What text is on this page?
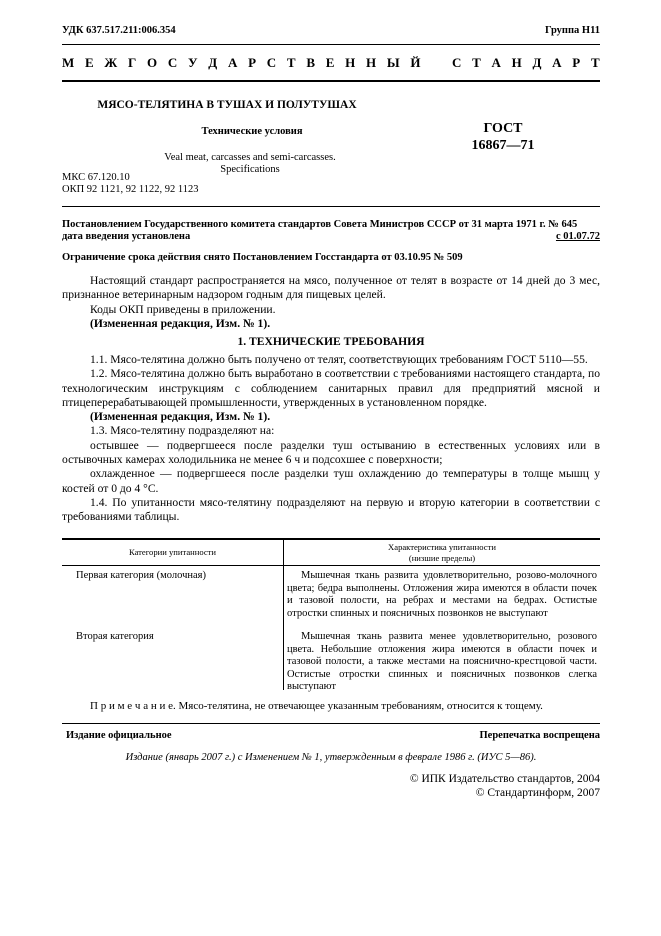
УДК 637.517.211:006.354	Группа Н11
М Е Ж Г О С У Д А Р С Т В Е Н Н Ы Й С Т А Н Д А Р Т
МЯСО-ТЕЛЯТИНА В ТУШАХ И ПОЛУТУШАХ
Технические условия
Veal meat, carcasses and semi-carcasses.
Specifications
ГОСТ
16867—71
МКС 67.120.10
ОКП 92 1121, 92 1122, 92 1123
Постановлением Государственного комитета стандартов Совета Министров СССР от 31 марта 1971 г. № 645
дата введения установлена	с 01.07.72
Ограничение срока действия снято Постановлением Госстандарта от 03.10.95 № 509

Настоящий стандарт распространяется на мясо, полученное от телят в возрасте от 14 дней до 3 мес, признанное ветеринарным надзором годным для пищевых целей.

Коды ОКП приведены в приложении.

(Измененная редакция, Изм. № 1).

1. ТЕХНИЧЕСКИЕ ТРЕБОВАНИЯ

1.1. Мясо-телятина должно быть получено от телят, соответствующих требованиям ГОСТ 5110—55.

1.2. Мясо-телятина должно быть выработано в соответствии с требованиями настоящего стандарта, по технологическим инструкциям с соблюдением санитарных правил для предприятий мясной и птицеперерабатывающей промышленности, утвержденных в установленном порядке.

(Измененная редакция, Изм. № 1).

1.3. Мясо-телятину подразделяют на:

остывшее — подвергшееся после разделки туш остыванию в естественных условиях или в остывочных камерах холодильника не менее 6 ч и подсохшее с поверхности;

охлажденное — подвергшееся после разделки туш охлаждению до температуры в толще мышц у костей от 0 до 4 °С.

1.4. По упитанности мясо-телятину подразделяют на первую и вторую категории в соответствии с требованиями таблицы.

Категории упитанности	Характеристика упитанности
(низшие пределы)
Первая категория (молочная)	Мышечная ткань развита удовлетворительно, розово-молочного цвета; бедра выполнены. Отложения жира имеются в области почек и тазовой полости, на ребрах и местами на бедрах. Остистые отростки спинных и поясничных позвонков не выступают

Вторая категория	Мышечная ткань развита менее удовлетворительно, розового цвета. Небольшие отложения жира имеются в области почек и тазовой полости, а также местами на пояснично-крестцовой части. Остистые отростки спинных и поясничных позвонков слегка выступают

П р и м е ч а н и е. Мясо-телятина, не отвечающее указанным требованиям, относится к тощему.
Издание официальное	Перепечатка воспрещена
Издание (январь 2007 г.) с Изменением № 1, утвержденным в феврале 1986 г. (ИУС 5—86).
© ИПК Издательство стандартов, 2004
© Стандартинформ, 2007
